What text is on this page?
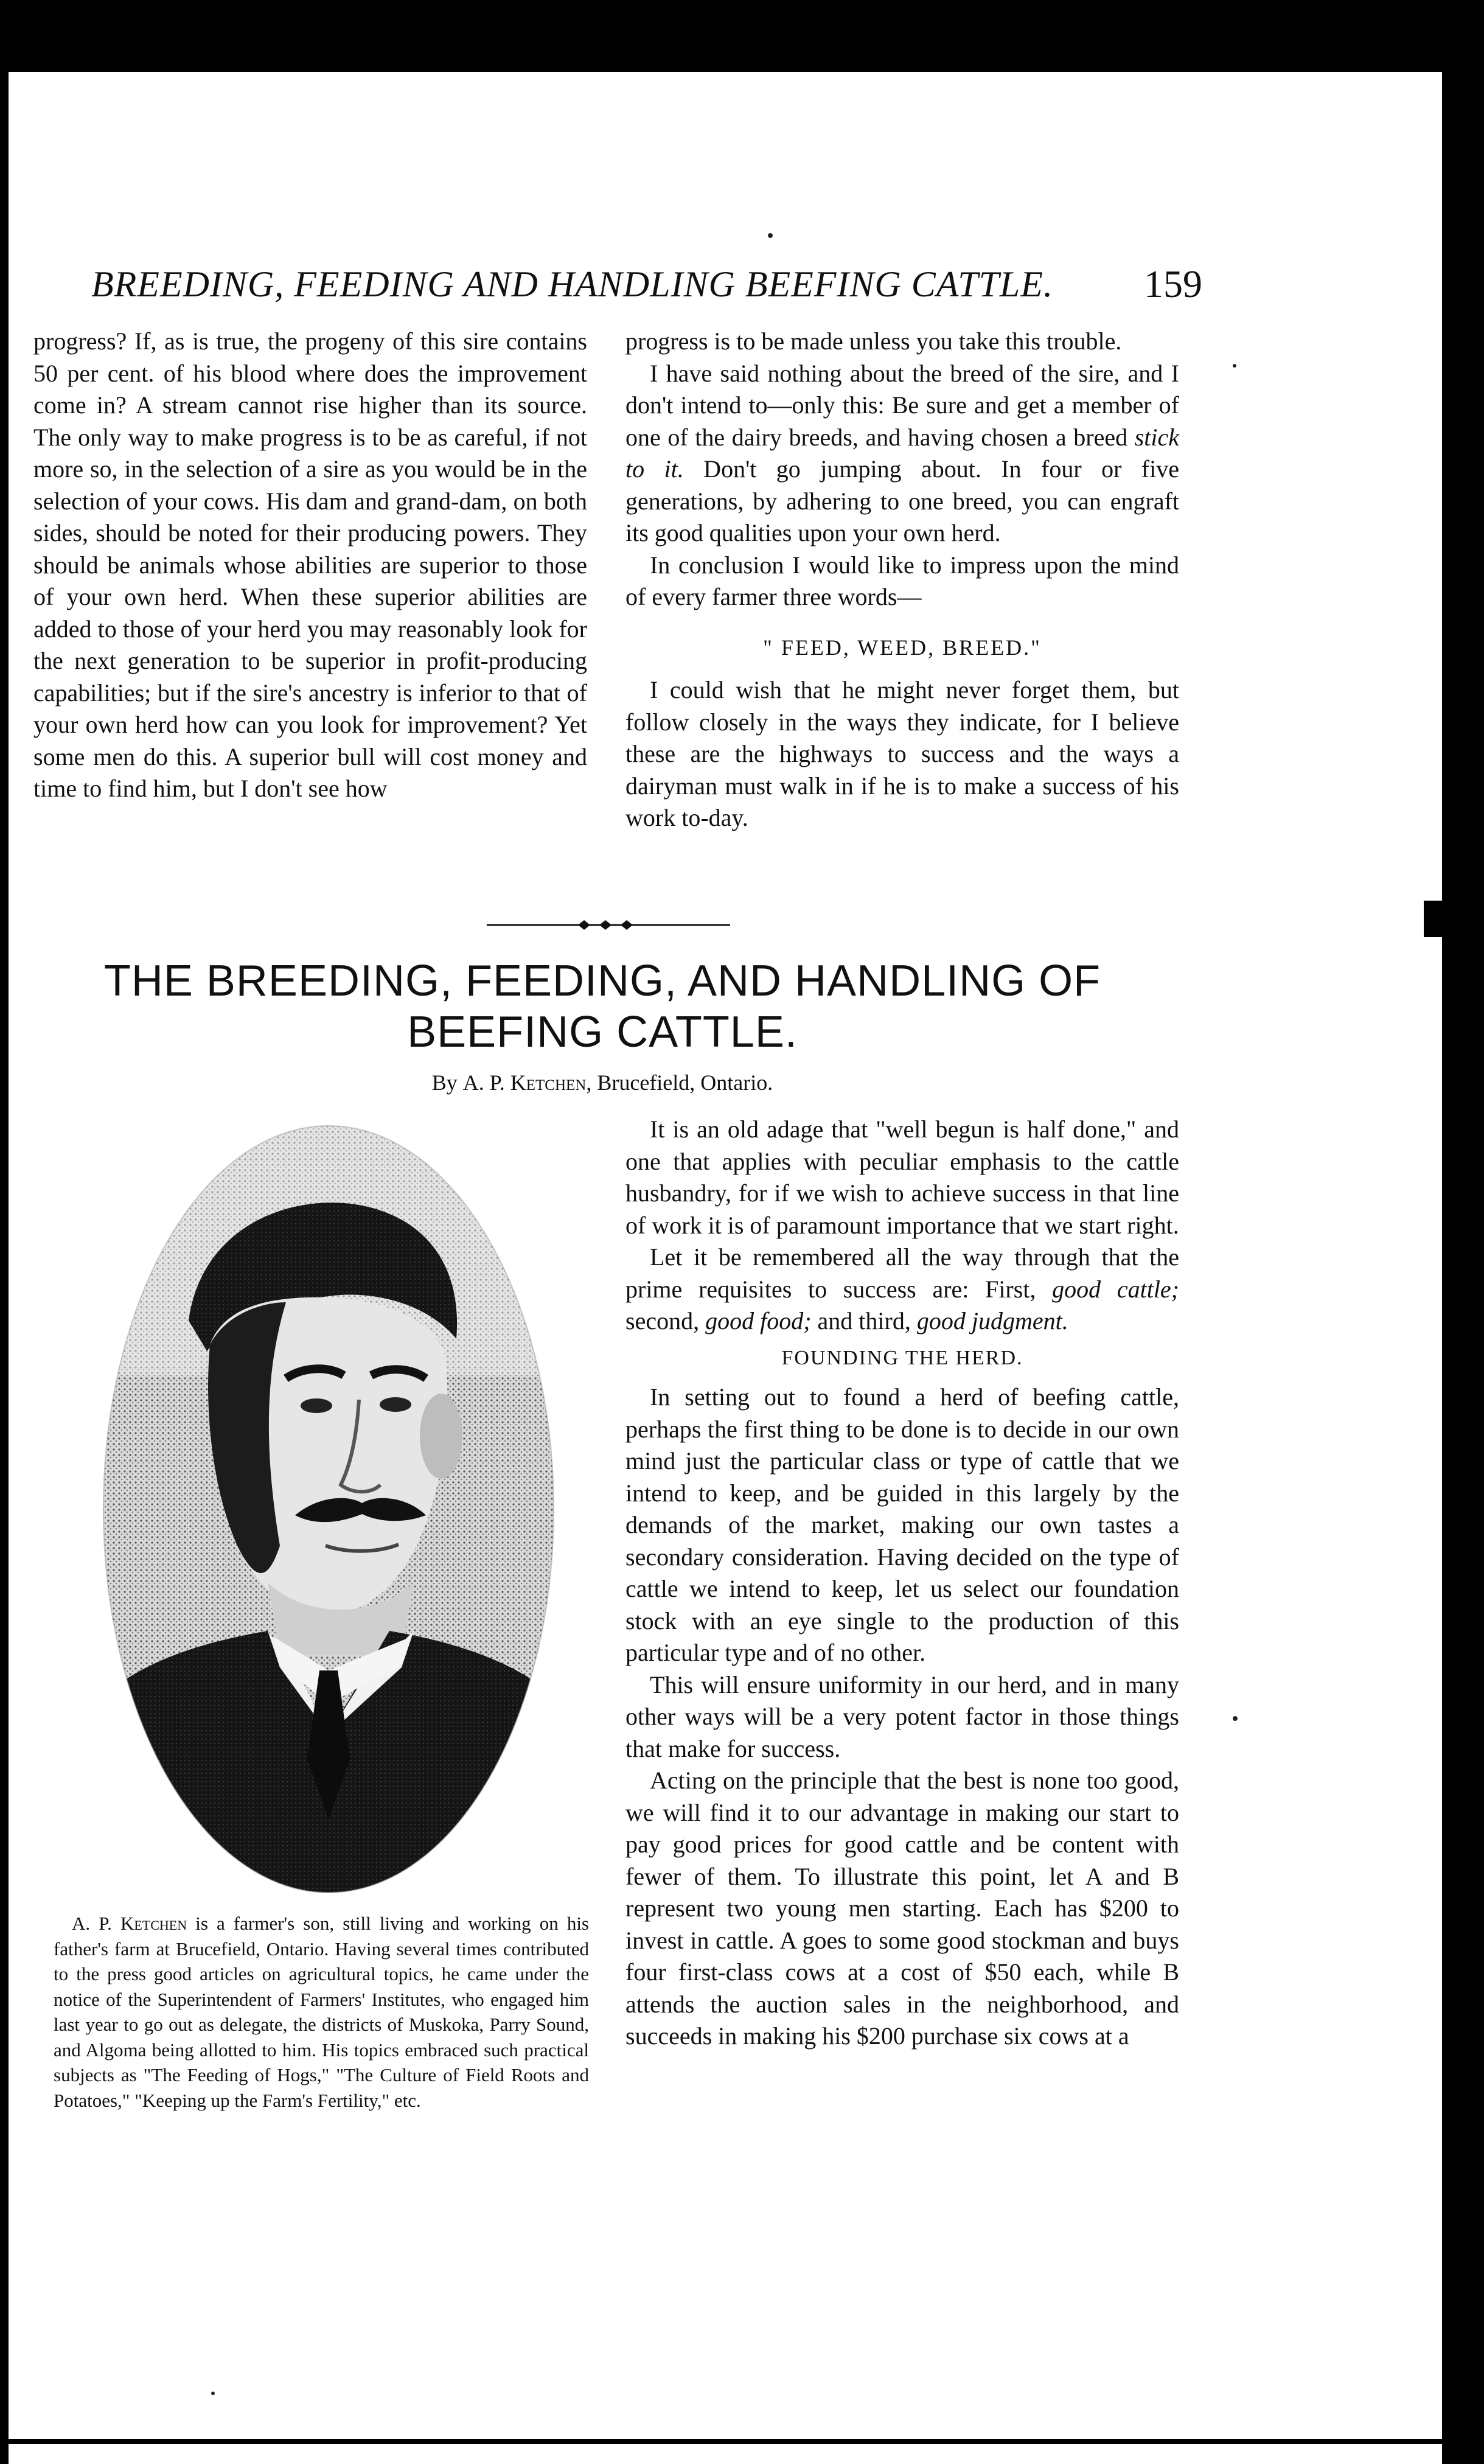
BREEDING, FEEDING AND HANDLING BEEFING CATTLE.	159

progress? If, as is true, the progeny of this sire contains 50 per cent. of his blood where does the improvement come in? A stream cannot rise higher than its source. The only way to make progress is to be as careful, if not more so, in the selection of a sire as you would be in the selection of your cows. His dam and grand-dam, on both sides, should be noted for their producing powers. They should be animals whose abilities are superior to those of your own herd. When these superior abilities are added to those of your herd you may reasonably look for the next generation to be superior in profit-producing capabilities; but if the sire's ancestry is inferior to that of your own herd how can you look for improvement? Yet some men do this. A superior bull will cost money and time to find him, but I don't see how

progress is to be made unless you take this trouble.

I have said nothing about the breed of the sire, and I don't intend to—only this: Be sure and get a member of one of the dairy breeds, and having chosen a breed stick to it. Don't go jumping about. In four or five generations, by adhering to one breed, you can engraft its good qualities upon your own herd.

In conclusion I would like to impress upon the mind of every farmer three words—

" FEED, WEED, BREED."

I could wish that he might never forget them, but follow closely in the ways they indicate, for I believe these are the highways to success and the ways a dairyman must walk in if he is to make a success of his work to-day.

THE BREEDING, FEEDING, AND HANDLING OF BEEFING CATTLE.
By A. P. Ketchen, Brucefield, Ontario.

A. P. Ketchen is a farmer's son, still living and working on his father's farm at Brucefield, Ontario. Having several times contributed to the press good articles on agricultural topics, he came under the notice of the Superintendent of Farmers' Institutes, who engaged him last year to go out as delegate, the districts of Muskoka, Parry Sound, and Algoma being allotted to him. His topics embraced such practical subjects as "The Feeding of Hogs," "The Culture of Field Roots and Potatoes," "Keeping up the Farm's Fertility," etc.

It is an old adage that "well begun is half done," and one that applies with peculiar emphasis to the cattle husbandry, for if we wish to achieve success in that line of work it is of paramount importance that we start right.

Let it be remembered all the way through that the prime requisites to success are: First, good cattle; second, good food; and third, good judgment.

FOUNDING THE HERD.

In setting out to found a herd of beefing cattle, perhaps the first thing to be done is to decide in our own mind just the particular class or type of cattle that we intend to keep, and be guided in this largely by the demands of the market, making our own tastes a secondary consideration. Having decided on the type of cattle we intend to keep, let us select our foundation stock with an eye single to the production of this particular type and of no other.

This will ensure uniformity in our herd, and in many other ways will be a very potent factor in those things that make for success.

Acting on the principle that the best is none too good, we will find it to our advantage in making our start to pay good prices for good cattle and be content with fewer of them. To illustrate this point, let A and B represent two young men starting. Each has $200 to invest in cattle. A goes to some good stockman and buys four first-class cows at a cost of $50 each, while B attends the auction sales in the neighborhood, and succeeds in making his $200 purchase six cows at a
